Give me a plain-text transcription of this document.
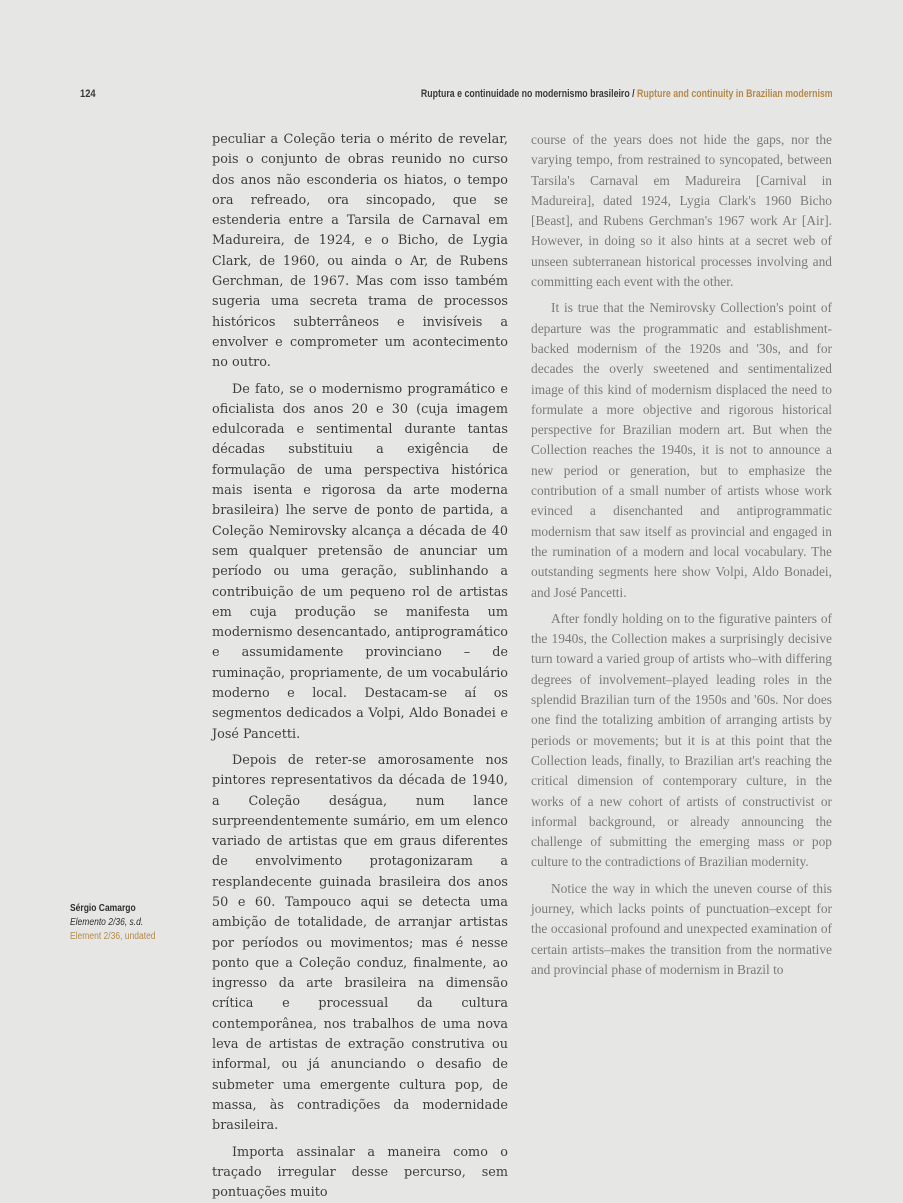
124	Ruptura e continuidade no modernismo brasileiro / Rupture and continuity in Brazilian modernism

peculiar a Coleção teria o mérito de revelar, pois o conjunto de obras reunido no curso dos anos não esconderia os hiatos, o tempo ora refreado, ora sincopado, que se estenderia entre a Tarsila de Carnaval em Madureira, de 1924, e o Bicho, de Lygia Clark, de 1960, ou ainda o Ar, de Rubens Gerchman, de 1967. Mas com isso também sugeria uma secreta trama de processos históricos subterrâneos e invisíveis a envolver e comprometer um acontecimento no outro.

De fato, se o modernismo programático e oficialista dos anos 20 e 30 (cuja imagem edulcorada e sentimental durante tantas décadas substituiu a exigência de formulação de uma perspectiva histórica mais isenta e rigorosa da arte moderna brasileira) lhe serve de ponto de partida, a Coleção Nemirovsky alcança a década de 40 sem qualquer pretensão de anunciar um período ou uma geração, sublinhando a contribuição de um pequeno rol de artistas em cuja produção se manifesta um modernismo desencantado, antiprogramático e assumidamente provinciano – de ruminação, propriamente, de um vocabulário moderno e local. Destacam-se aí os segmentos dedicados a Volpi, Aldo Bonadei e José Pancetti.

Depois de reter-se amorosamente nos pintores representativos da década de 1940, a Coleção deságua, num lance surpreendentemente sumário, em um elenco variado de artistas que em graus diferentes de envolvimento protagonizaram a resplandecente guinada brasileira dos anos 50 e 60. Tampouco aqui se detecta uma ambição de totalidade, de arranjar artistas por períodos ou movimentos; mas é nesse ponto que a Coleção conduz, finalmente, ao ingresso da arte brasileira na dimensão crítica e processual da cultura contemporânea, nos trabalhos de uma nova leva de artistas de extração construtiva ou informal, ou já anunciando o desafio de submeter uma emergente cultura pop, de massa, às contradições da modernidade brasileira.

Importa assinalar a maneira como o traçado irregular desse percurso, sem pontuações muito

course of the years does not hide the gaps, nor the varying tempo, from restrained to syncopated, between Tarsila's Carnaval em Madureira [Carnival in Madureira], dated 1924, Lygia Clark's 1960 Bicho [Beast], and Rubens Gerchman's 1967 work Ar [Air]. However, in doing so it also hints at a secret web of unseen subterranean historical processes involving and committing each event with the other.

It is true that the Nemirovsky Collection's point of departure was the programmatic and establishment-backed modernism of the 1920s and '30s, and for decades the overly sweetened and sentimentalized image of this kind of modernism displaced the need to formulate a more objective and rigorous historical perspective for Brazilian modern art. But when the Collection reaches the 1940s, it is not to announce a new period or generation, but to emphasize the contribution of a small number of artists whose work evinced a disenchanted and antiprogrammatic modernism that saw itself as provincial and engaged in the rumination of a modern and local vocabulary. The outstanding segments here show Volpi, Aldo Bonadei, and José Pancetti.

After fondly holding on to the figurative painters of the 1940s, the Collection makes a surprisingly decisive turn toward a varied group of artists who–with differing degrees of involvement–played leading roles in the splendid Brazilian turn of the 1950s and '60s. Nor does one find the totalizing ambition of arranging artists by periods or movements; but it is at this point that the Collection leads, finally, to Brazilian art's reaching the critical dimension of contemporary culture, in the works of a new cohort of artists of constructivist or informal background, or already announcing the challenge of submitting the emerging mass or pop culture to the contradictions of Brazilian modernity.

Notice the way in which the uneven course of this journey, which lacks points of punctuation–except for the occasional profound and unexpected examination of certain artists–makes the transition from the normative and provincial phase of modernism in Brazil to

Sérgio Camargo
Elemento 2/36, s.d.
Element 2/36, undated
